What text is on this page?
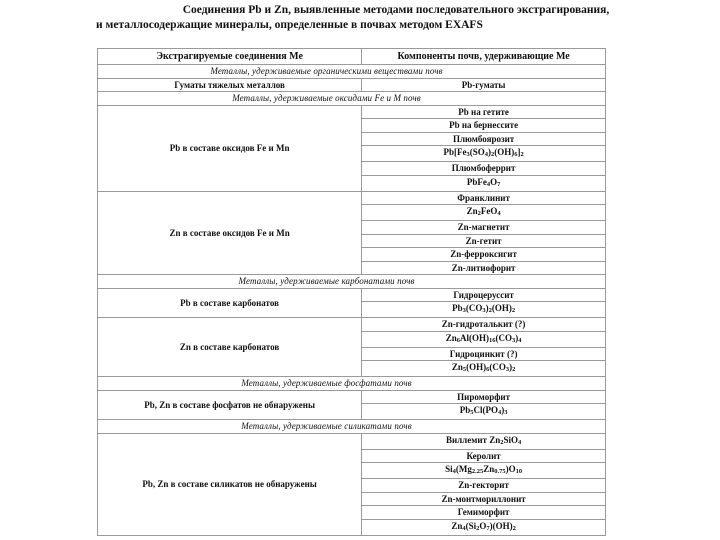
Соединения Pb и Zn, выявленные методами последовательного экстрагирования,
и металлосодержащие минералы, определенные в почвах методом EXAFS
Экстрагируемые соединения Ме	Компоненты почв, удерживающие Ме
Металлы, удерживаемые органическими веществами почв	
Гуматы тяжелых металлов	Pb-гуматы
Металлы, удерживаемые оксидами Fe и M почв	
Pb в составе оксидов Fe и Mn	Pb на гетите
	Pb на бернессите
	Плюмбоярозит
	Pb[Fe3(SO4)2(OH)6]2
	Плюмбоферрит
	PbFe4O7
Zn в составе оксидов Fe и Mn	Франклинит
	Zn2FeO4
	Zn-магнетит
	Zn-гетит
	Zn-ферроксигит
	Zn-литиофорит
Металлы, удерживаемые карбонатами почв	
Pb в составе карбонатов	Гидроцеруссит
	Pb3(CO3)2(OH)2
Zn в составе карбонатов	Zn-гидроталькит (?)
	Zn6Al(OH)16(CO3)4
	Гидроцинкит (?)
	Zn5(OH)6(CO3)2
Металлы, удерживаемые фосфатами почв	
Pb, Zn в составе фосфатов не обнаружены	Пироморфит
	Pb5Cl(PO4)3
Металлы, удерживаемые силикатами почв	
Pb, Zn в составе силикатов не обнаружены	Виллемит Zn2SiO4
	Керолит
	Si4(Mg2.25Zn0.75)O10
	Zn-гекторит
	Zn-монтмориллонит
	Гемиморфит
	Zn4(Si2O7)(OH)2
